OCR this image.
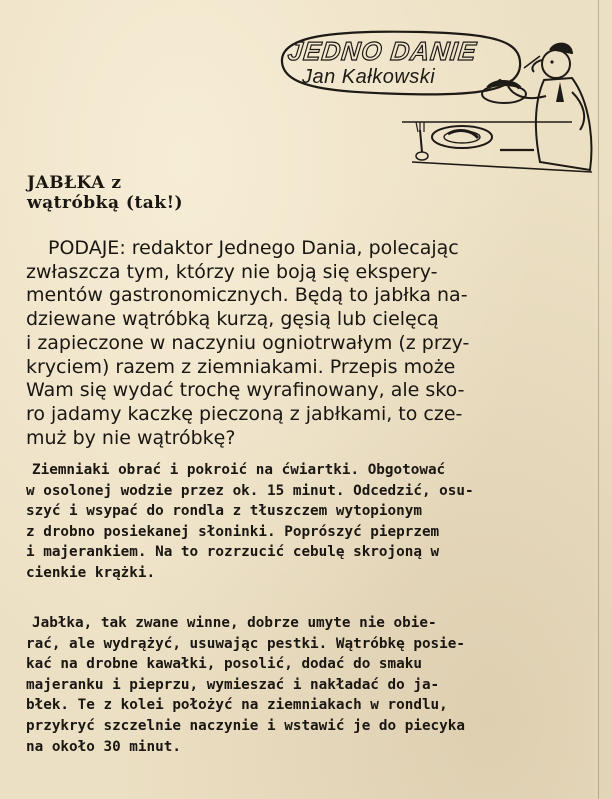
JEDNO DANIE
Jan Kałkowski
JABŁKA z
wątróbką (tak!)
PODAJE: redaktor Jednego Dania, polecając
zwłaszcza tym, którzy nie boją się ekspery-
mentów gastronomicznych. Będą to jabłka na-
dziewane wątróbką kurzą, gęsią lub cielęcą
i zapieczone w naczyniu ogniotrwałym (z przy-
kryciem) razem z ziemniakami. Przepis może
Wam się wydać trochę wyrafinowany, ale sko-
ro jadamy kaczkę pieczoną z jabłkami, to cze-
muż by nie wątróbkę?
Ziemniaki obrać i pokroić na ćwiartki. Obgotować
w osolonej wodzie przez ok. 15 minut. Odcedzić, osu-
szyć i wsypać do rondla z tłuszczem wytopionym
z drobno posiekanej słoninki. Poprószyć pieprzem
i majerankiem. Na to rozrzucić cebulę skrojoną w
cienkie krążki.
Jabłka, tak zwane winne, dobrze umyte nie obie-
rać, ale wydrążyć, usuwając pestki. Wątróbkę posie-
kać na drobne kawałki, posolić, dodać do smaku
majeranku i pieprzu, wymieszać i nakładać do ja-
błek. Te z kolei położyć na ziemniakach w rondlu,
przykryć szczelnie naczynie i wstawić je do piecyka
na około 30 minut.
